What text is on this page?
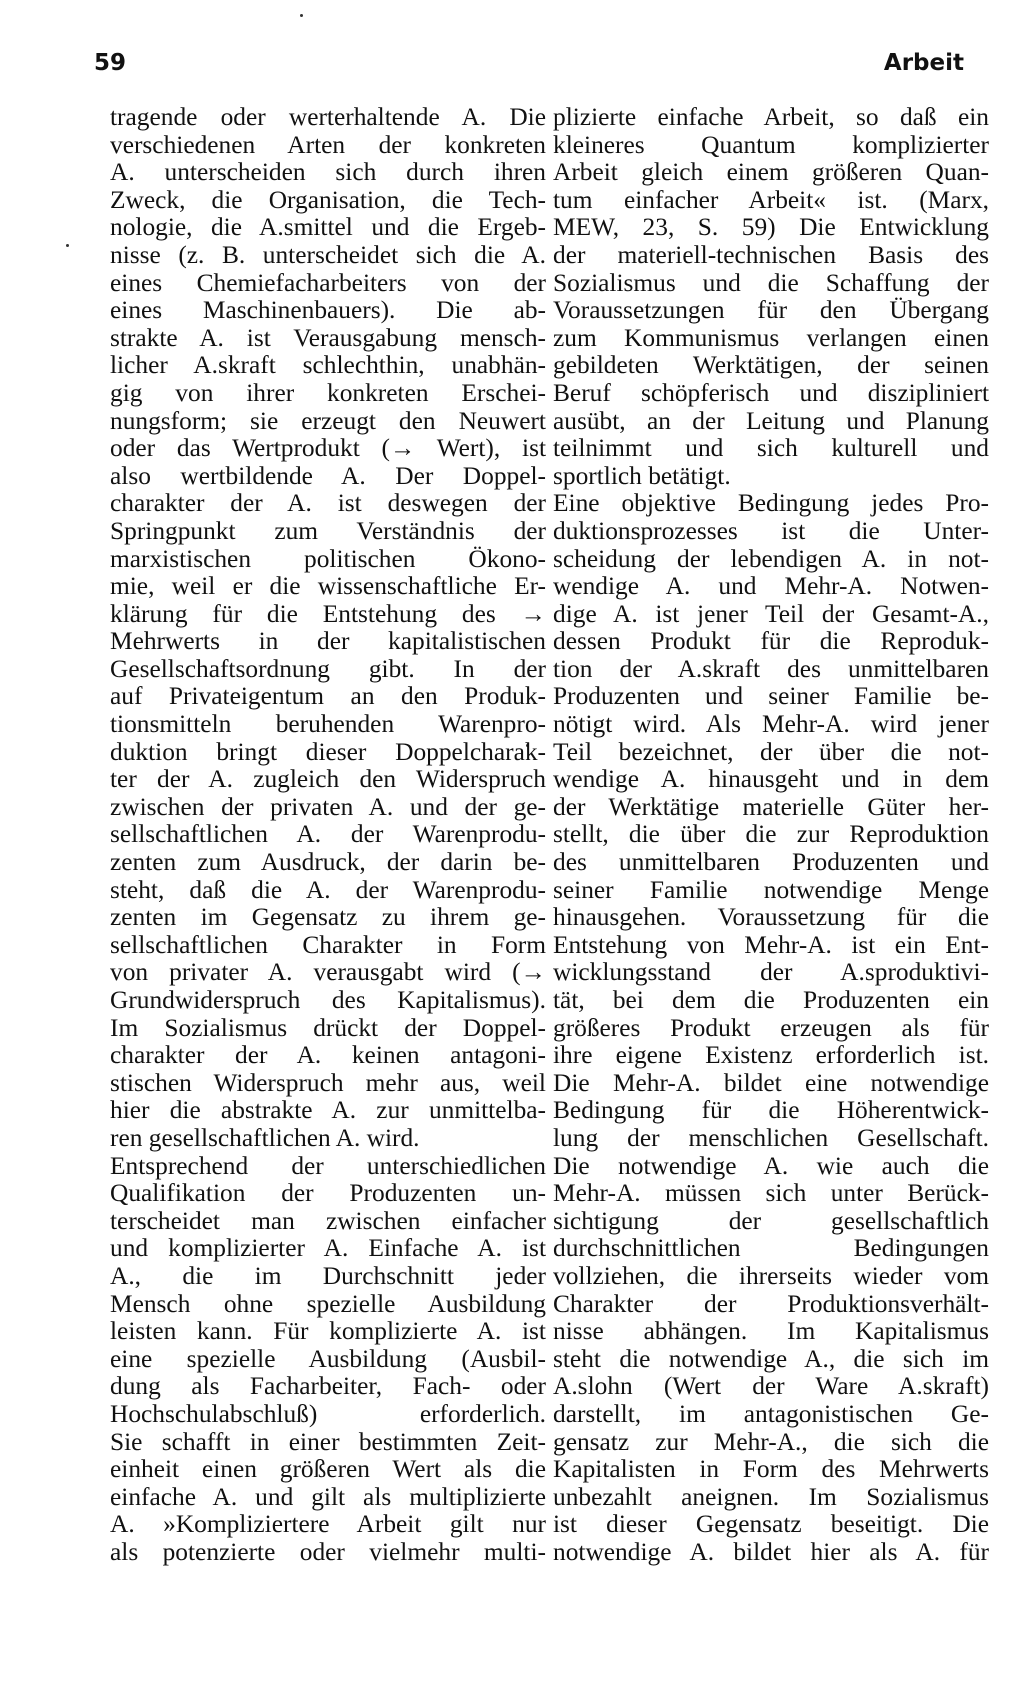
59	Arbeit
tragende oder werterhaltende A. Die
verschiedenen Arten der konkreten
A. unterscheiden sich durch ihren
Zweck, die Organisation, die Tech-
nologie, die A.smittel und die Ergeb-
nisse (z. B. unterscheidet sich die A.
eines Chemiefacharbeiters von der
eines Maschinenbauers). Die ab-
strakte A. ist Verausgabung mensch-
licher A.skraft schlechthin, unabhän-
gig von ihrer konkreten Erschei-
nungsform; sie erzeugt den Neuwert
oder das Wertprodukt (→ Wert), ist
also wertbildende A. Der Doppel-
charakter der A. ist deswegen der
Springpunkt zum Verständnis der
marxistischen politischen Ökono-
mie, weil er die wissenschaftliche Er-
klärung für die Entstehung des →
Mehrwerts in der kapitalistischen
Gesellschaftsordnung gibt. In der
auf Privateigentum an den Produk-
tionsmitteln beruhenden Warenpro-
duktion bringt dieser Doppelcharak-
ter der A. zugleich den Widerspruch
zwischen der privaten A. und der ge-
sellschaftlichen A. der Warenprodu-
zenten zum Ausdruck, der darin be-
steht, daß die A. der Warenprodu-
zenten im Gegensatz zu ihrem ge-
sellschaftlichen Charakter in Form
von privater A. verausgabt wird (→
Grundwiderspruch des Kapitalismus).
Im Sozialismus drückt der Doppel-
charakter der A. keinen antagoni-
stischen Widerspruch mehr aus, weil
hier die abstrakte A. zur unmittelba-
ren gesellschaftlichen A. wird.
Entsprechend der unterschiedlichen
Qualifikation der Produzenten un-
terscheidet man zwischen einfacher
und komplizierter A. Einfache A. ist
A., die im Durchschnitt jeder
Mensch ohne spezielle Ausbildung
leisten kann. Für komplizierte A. ist
eine spezielle Ausbildung (Ausbil-
dung als Facharbeiter, Fach- oder
Hochschulabschluß) erforderlich.
Sie schafft in einer bestimmten Zeit-
einheit einen größeren Wert als die
einfache A. und gilt als multiplizierte
A. »Kompliziertere Arbeit gilt nur
als potenzierte oder vielmehr multi-
plizierte einfache Arbeit, so daß ein
kleineres Quantum komplizierter
Arbeit gleich einem größeren Quan-
tum einfacher Arbeit« ist. (Marx,
MEW, 23, S. 59) Die Entwicklung
der materiell-technischen Basis des
Sozialismus und die Schaffung der
Voraussetzungen für den Übergang
zum Kommunismus verlangen einen
gebildeten Werktätigen, der seinen
Beruf schöpferisch und diszipliniert
ausübt, an der Leitung und Planung
teilnimmt und sich kulturell und
sportlich betätigt.
Eine objektive Bedingung jedes Pro-
duktionsprozesses ist die Unter-
scheidung der lebendigen A. in not-
wendige A. und Mehr-A. Notwen-
dige A. ist jener Teil der Gesamt-A.,
dessen Produkt für die Reproduk-
tion der A.skraft des unmittelbaren
Produzenten und seiner Familie be-
nötigt wird. Als Mehr-A. wird jener
Teil bezeichnet, der über die not-
wendige A. hinausgeht und in dem
der Werktätige materielle Güter her-
stellt, die über die zur Reproduktion
des unmittelbaren Produzenten und
seiner Familie notwendige Menge
hinausgehen. Voraussetzung für die
Entstehung von Mehr-A. ist ein Ent-
wicklungsstand der A.sproduktivi-
tät, bei dem die Produzenten ein
größeres Produkt erzeugen als für
ihre eigene Existenz erforderlich ist.
Die Mehr-A. bildet eine notwendige
Bedingung für die Höherentwick-
lung der menschlichen Gesellschaft.
Die notwendige A. wie auch die
Mehr-A. müssen sich unter Berück-
sichtigung der gesellschaftlich
durchschnittlichen Bedingungen
vollziehen, die ihrerseits wieder vom
Charakter der Produktionsverhält-
nisse abhängen. Im Kapitalismus
steht die notwendige A., die sich im
A.slohn (Wert der Ware A.skraft)
darstellt, im antagonistischen Ge-
gensatz zur Mehr-A., die sich die
Kapitalisten in Form des Mehrwerts
unbezahlt aneignen. Im Sozialismus
ist dieser Gegensatz beseitigt. Die
notwendige A. bildet hier als A. für
